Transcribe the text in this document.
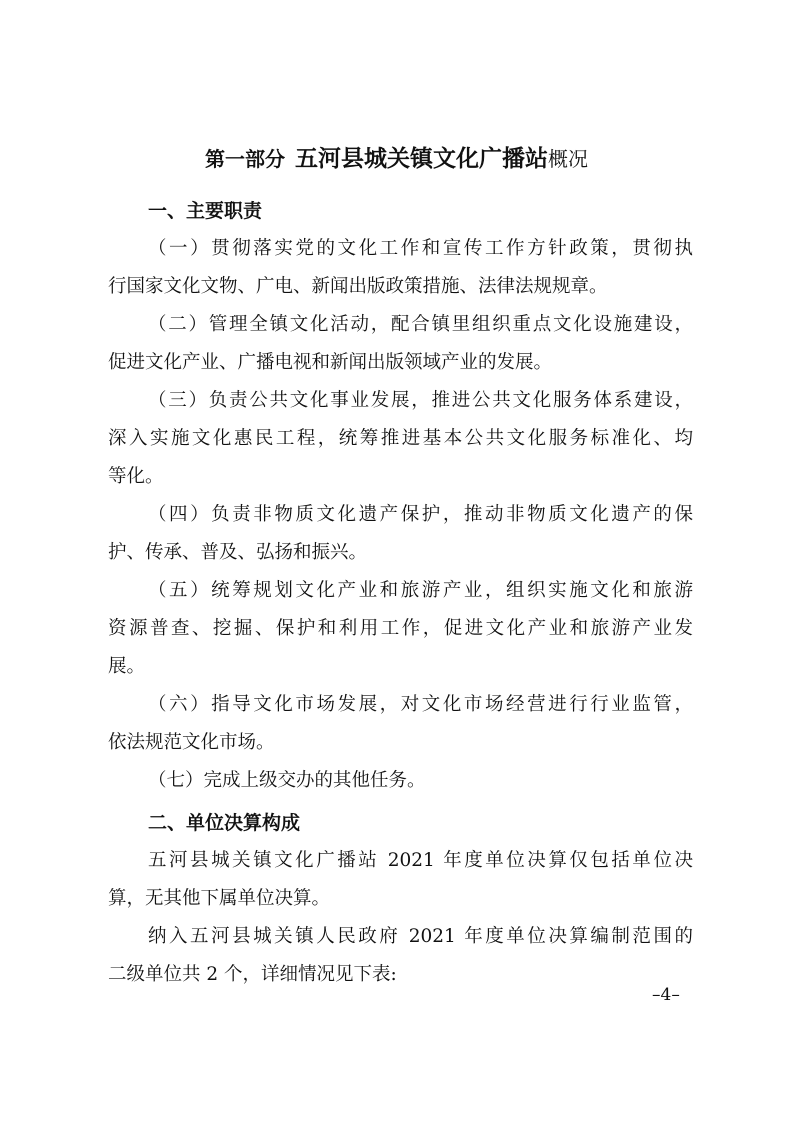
第一部分 五河县城关镇文化广播站概况
一、主要职责
（一）贯彻落实党的文化工作和宣传工作方针政策，贯彻执
行国家文化文物、广电、新闻出版政策措施、法律法规规章。
（二）管理全镇文化活动，配合镇里组织重点文化设施建设，
促进文化产业、广播电视和新闻出版领域产业的发展。
（三）负责公共文化事业发展，推进公共文化服务体系建设，
深入实施文化惠民工程，统筹推进基本公共文化服务标准化、均
等化。
（四）负责非物质文化遗产保护，推动非物质文化遗产的保
护、传承、普及、弘扬和振兴。
（五）统筹规划文化产业和旅游产业，组织实施文化和旅游
资源普查、挖掘、保护和利用工作，促进文化产业和旅游产业发
展。
（六）指导文化市场发展，对文化市场经营进行行业监管，
依法规范文化市场。
（七）完成上级交办的其他任务。
二、单位决算构成
五河县城关镇文化广播站 2021 年度单位决算仅包括单位决
算，无其他下属单位决算。
纳入五河县城关镇人民政府 2021 年度单位决算编制范围的
二级单位共 2 个，详细情况见下表:
–4–
